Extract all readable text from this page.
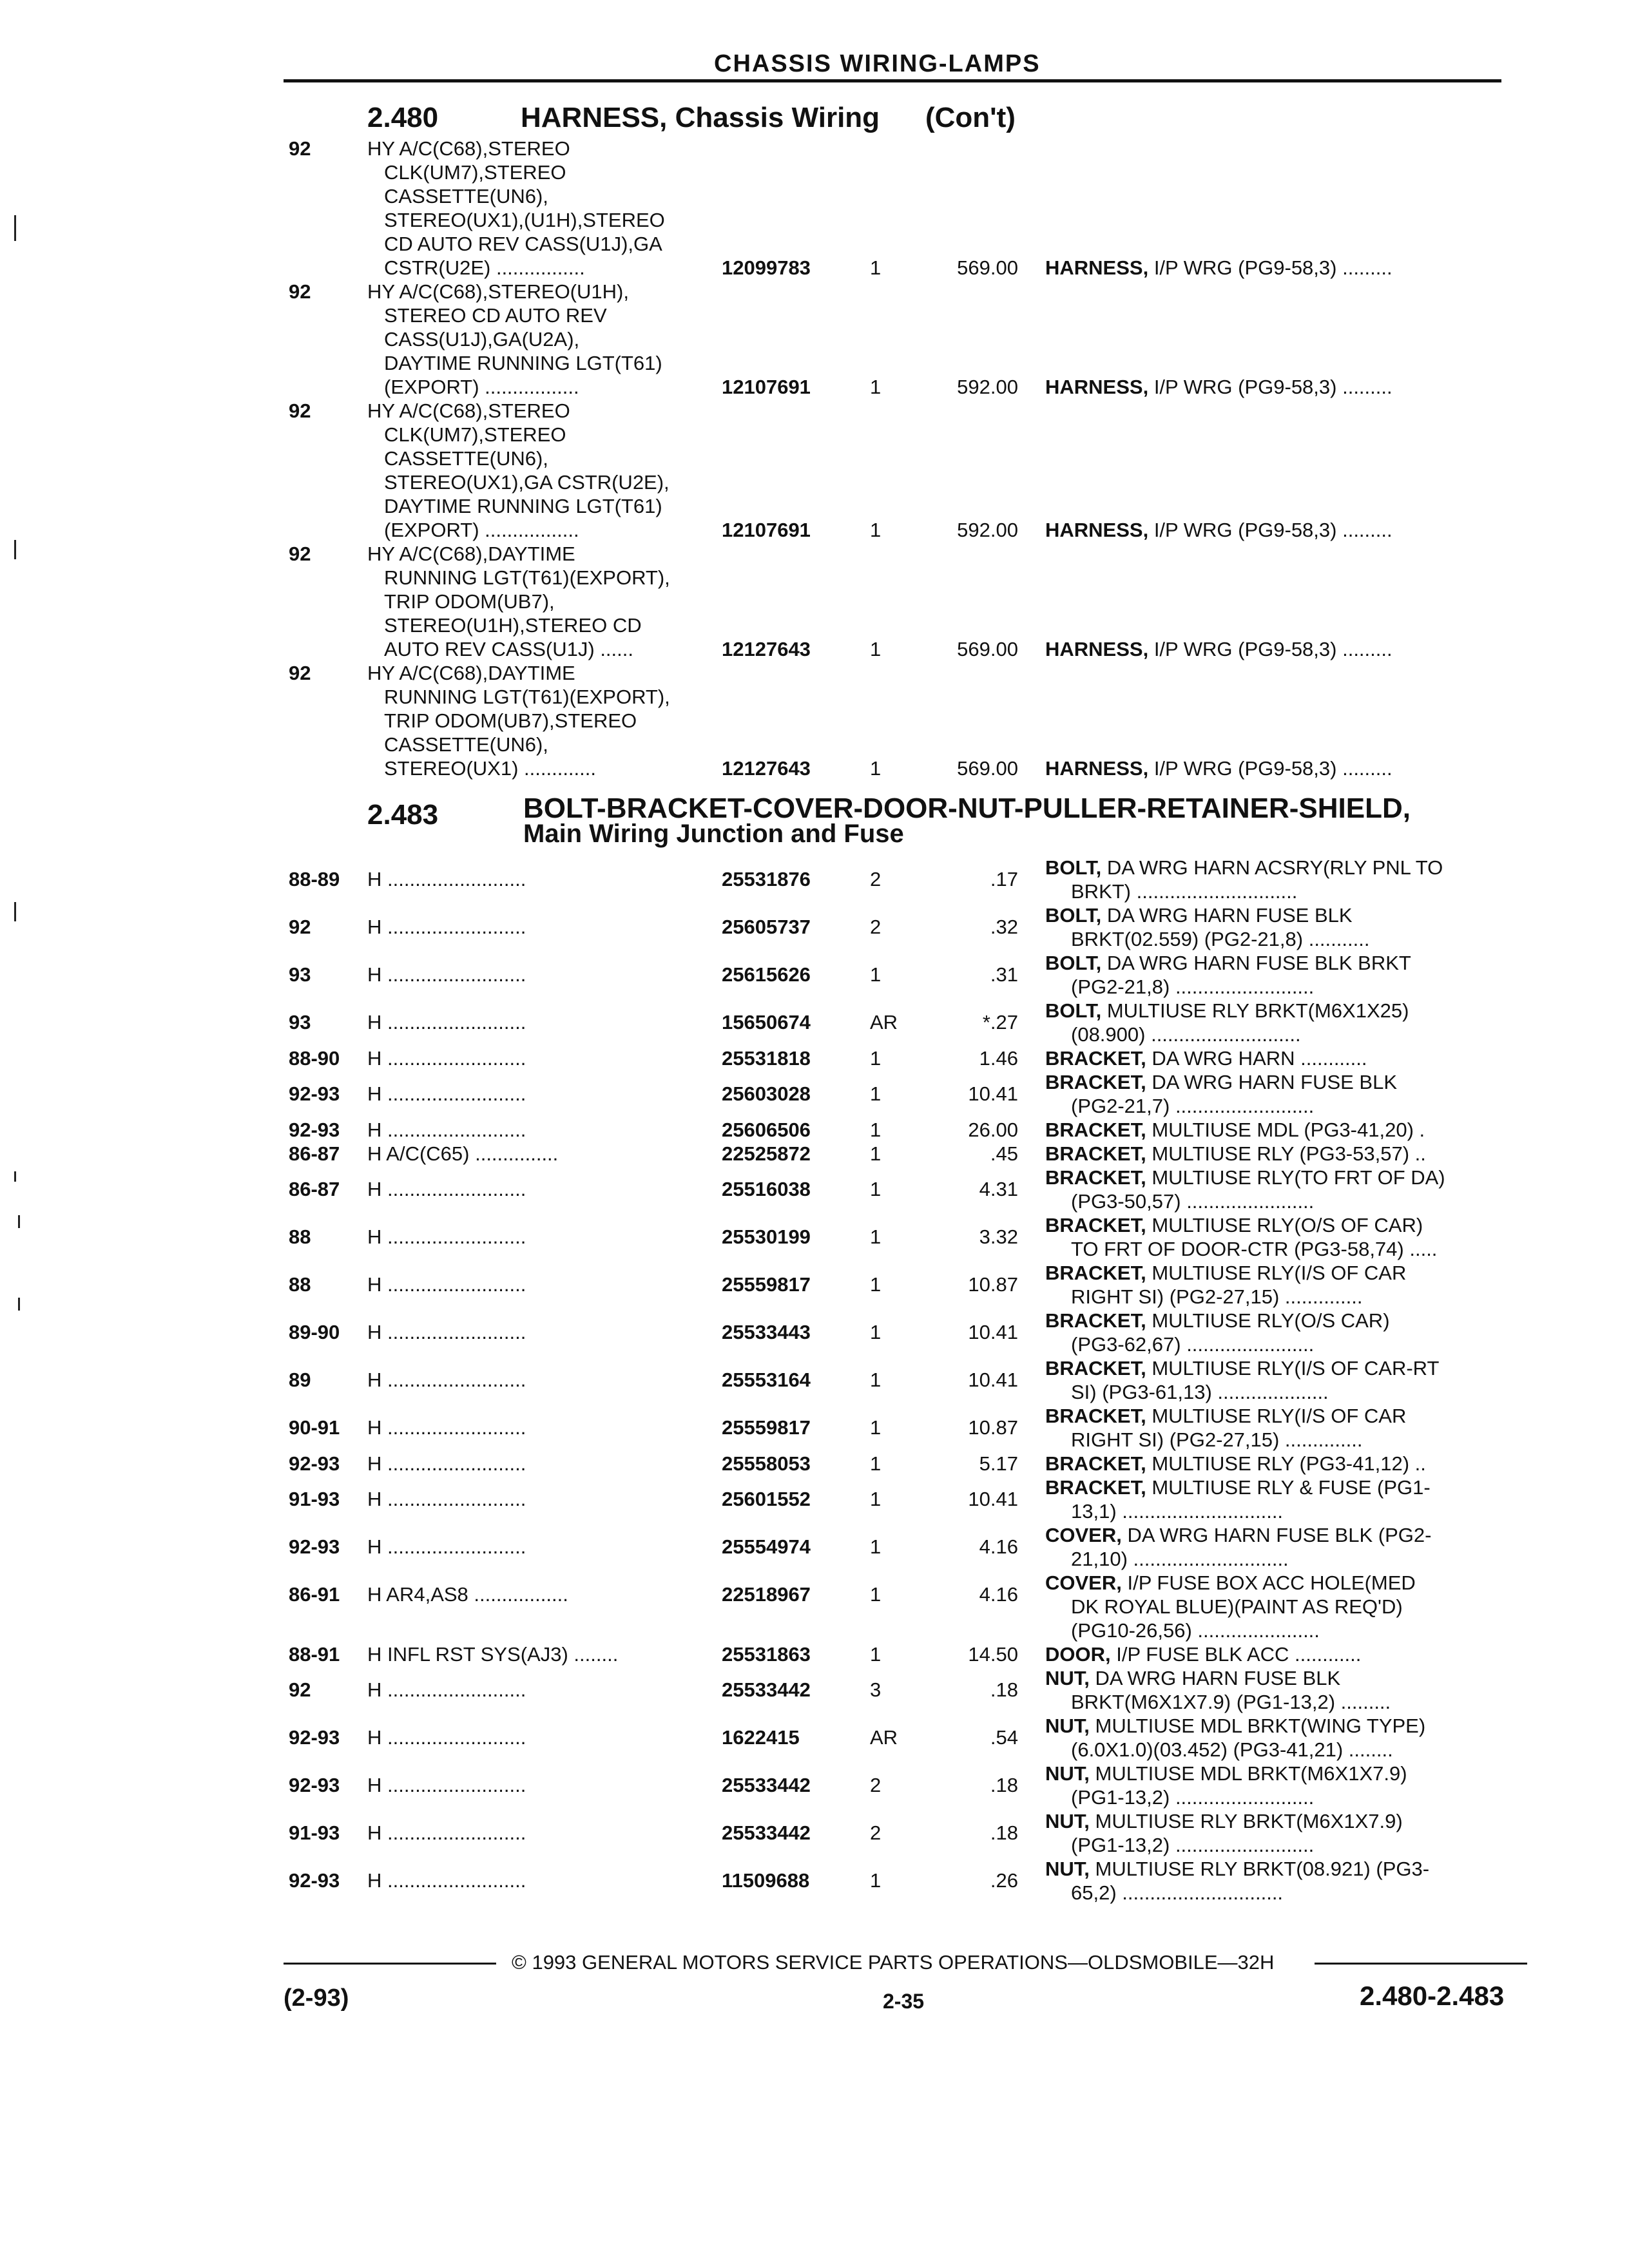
CHASSIS WIRING-LAMPS
2.480	HARNESS, Chassis Wiring (Con't)
92	HY A/C(C68),STEREO
CLK(UM7),STEREO
CASSETTE(UN6),
STEREO(UX1),(U1H),STEREO
CD AUTO REV CASS(U1J),GA
CSTR(U2E) ................	12099783	1	569.00 HARNESS, I/P WRG (PG9-58,3) .........
92	HY A/C(C68),STEREO(U1H),
STEREO CD AUTO REV
CASS(U1J),GA(U2A),
DAYTIME RUNNING LGT(T61)
(EXPORT) .................	12107691	1	592.00 HARNESS, I/P WRG (PG9-58,3) .........
92	HY A/C(C68),STEREO
CLK(UM7),STEREO
CASSETTE(UN6),
STEREO(UX1),GA CSTR(U2E),
DAYTIME RUNNING LGT(T61)
(EXPORT) .................	12107691	1	592.00 HARNESS, I/P WRG (PG9-58,3) .........
92	HY A/C(C68),DAYTIME
RUNNING LGT(T61)(EXPORT),
TRIP ODOM(UB7),
STEREO(U1H),STEREO CD
AUTO REV CASS(U1J) ......	12127643	1	569.00 HARNESS, I/P WRG (PG9-58,3) .........
92	HY A/C(C68),DAYTIME
RUNNING LGT(T61)(EXPORT),
TRIP ODOM(UB7),STEREO
CASSETTE(UN6),
STEREO(UX1) .............	12127643	1	569.00 HARNESS, I/P WRG (PG9-58,3) .........
2.483	BOLT-BRACKET-COVER-DOOR-NUT-PULLER-RETAINER-SHIELD,
Main Wiring Junction and Fuse
88-89 H .........................	25531876	2	.17
BOLT, DA WRG HARN ACSRY(RLY PNL TO
BRKT) .............................
92	H .........................	25605737	2	.32
BOLT, DA WRG HARN FUSE BLK
BRKT(02.559) (PG2-21,8) ...........
93	H .........................	25615626	1	.31
BOLT, DA WRG HARN FUSE BLK BRKT
(PG2-21,8) .........................
93	H .........................	15650674	AR	*.27
BOLT, MULTIUSE RLY BRKT(M6X1X25)
(08.900) ...........................
88-90 H .........................	25531818	1	1.46 BRACKET, DA WRG HARN ............
92-93 H .........................	25603028	1	10.41
BRACKET, DA WRG HARN FUSE BLK
(PG2-21,7) .........................
92-93 H .........................	25606506	1	26.00 BRACKET, MULTIUSE MDL (PG3-41,20) .
86-87 H A/C(C65) ...............	22525872	1	.45 BRACKET, MULTIUSE RLY (PG3-53,57) ..
86-87 H .........................	25516038	1	4.31
BRACKET, MULTIUSE RLY(TO FRT OF DA)
(PG3-50,57) .......................
88	H .........................	25530199	1	3.32
BRACKET, MULTIUSE RLY(O/S OF CAR)
TO FRT OF DOOR-CTR (PG3-58,74) .....
88	H .........................	25559817	1	10.87
BRACKET, MULTIUSE RLY(I/S OF CAR
RIGHT SI) (PG2-27,15) ..............
89-90 H .........................	25533443	1	10.41
BRACKET, MULTIUSE RLY(O/S CAR)
(PG3-62,67) .......................
89	H .........................	25553164	1	10.41
BRACKET, MULTIUSE RLY(I/S OF CAR-RT
SI) (PG3-61,13) ....................
90-91 H .........................	25559817	1	10.87
BRACKET, MULTIUSE RLY(I/S OF CAR
RIGHT SI) (PG2-27,15) ..............
92-93 H .........................	25558053	1	5.17 BRACKET, MULTIUSE RLY (PG3-41,12) ..
91-93 H .........................	25601552	1	10.41
BRACKET, MULTIUSE RLY & FUSE (PG1-
13,1) .............................
92-93 H .........................	25554974	1	4.16
COVER, DA WRG HARN FUSE BLK (PG2-
21,10) ............................
86-91 H AR4,AS8 .................	22518967	1	4.16
COVER, I/P FUSE BOX ACC HOLE(MED
DK ROYAL BLUE)(PAINT AS REQ'D)
(PG10-26,56) ......................
88-91 H INFL RST SYS(AJ3) ........	25531863	1	14.50 DOOR, I/P FUSE BLK ACC ............
92	H .........................	25533442	3	.18
NUT, DA WRG HARN FUSE BLK
BRKT(M6X1X7.9) (PG1-13,2) .........
92-93 H .........................	1622415	AR	.54
NUT, MULTIUSE MDL BRKT(WING TYPE)
(6.0X1.0)(03.452) (PG3-41,21) ........
92-93 H .........................	25533442	2	.18
NUT, MULTIUSE MDL BRKT(M6X1X7.9)
(PG1-13,2) .........................
91-93 H .........................	25533442	2	.18
NUT, MULTIUSE RLY BRKT(M6X1X7.9)
(PG1-13,2) .........................
92-93 H .........................	11509688	1	.26
NUT, MULTIUSE RLY BRKT(08.921) (PG3-
65,2) .............................
© 1993 GENERAL MOTORS SERVICE PARTS OPERATIONS—OLDSMOBILE—32H
(2-93)	2-35	2.480-2.483
